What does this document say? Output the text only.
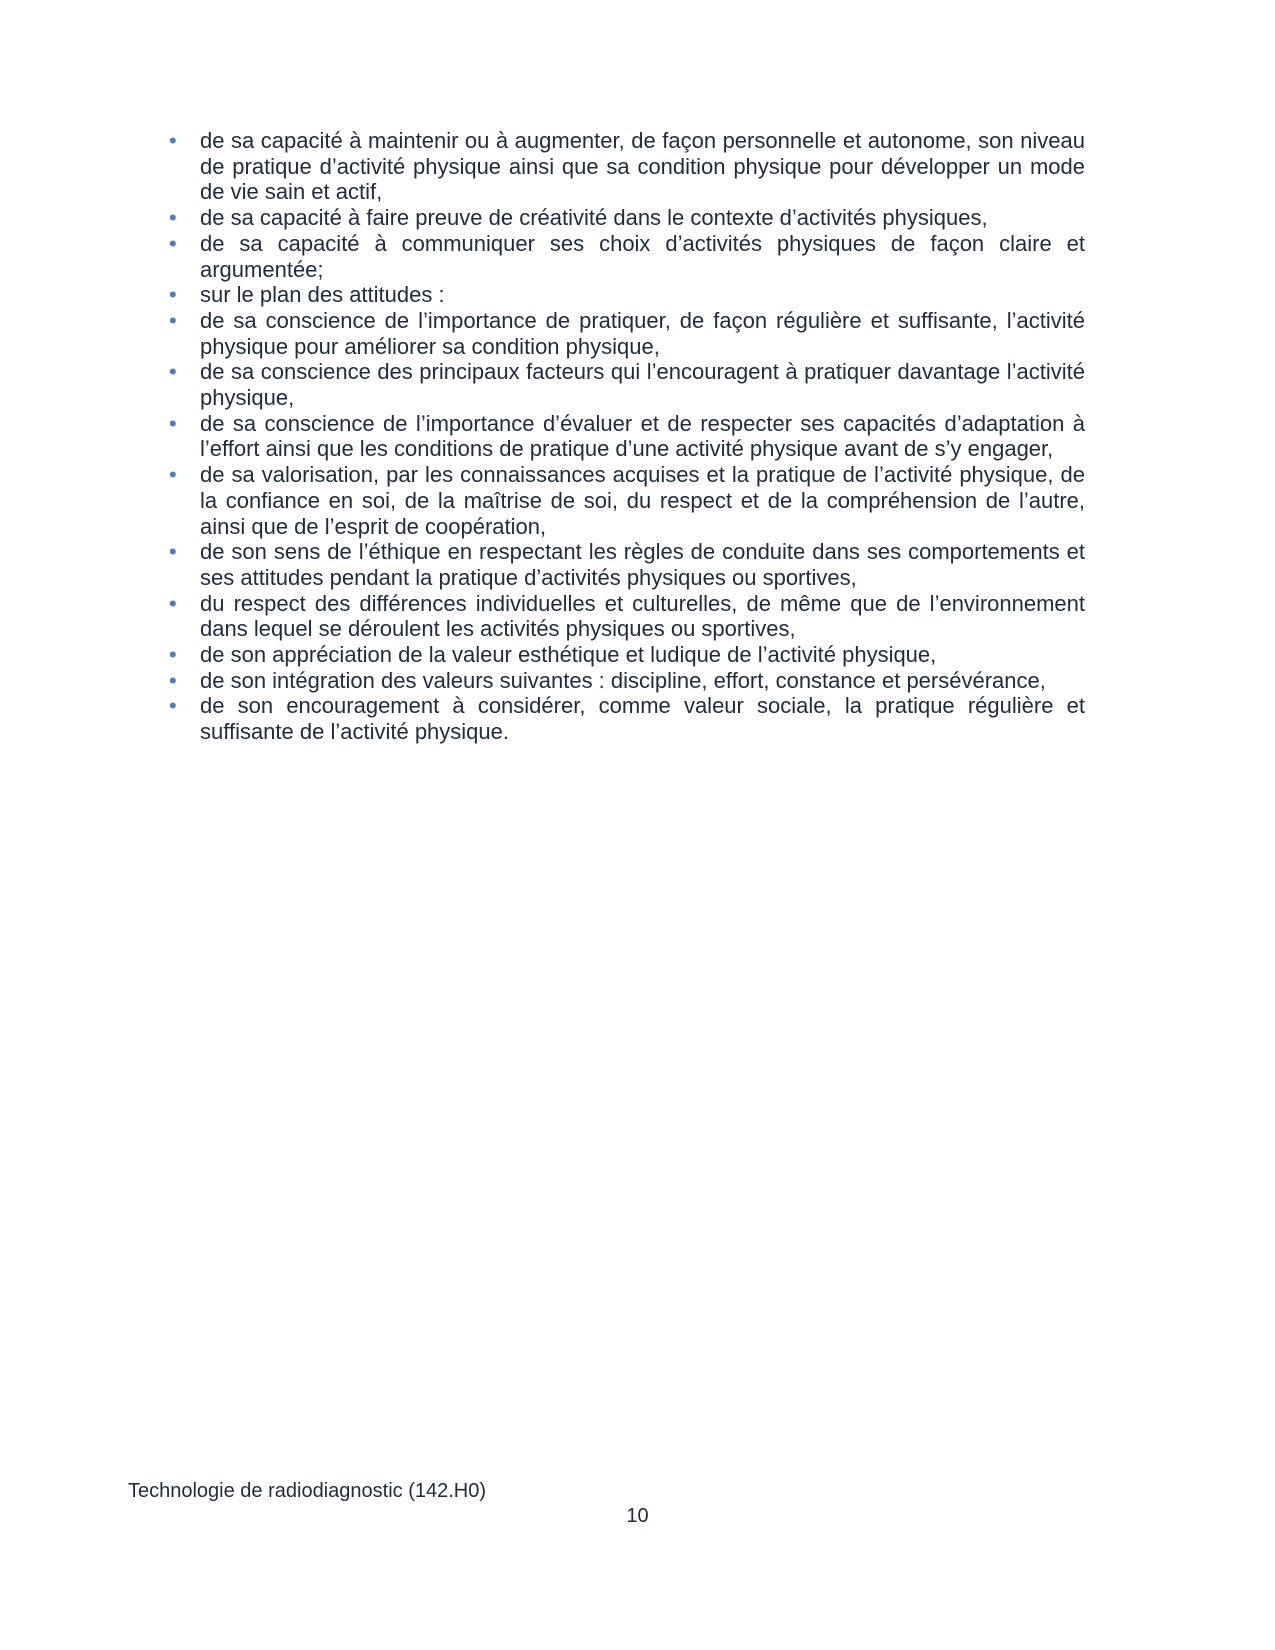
• de sa capacité à maintenir ou à augmenter, de façon personnelle et autonome, son niveau de pratique d’activité physique ainsi que sa condition physique pour développer un mode de vie sain et actif,
• de sa capacité à faire preuve de créativité dans le contexte d’activités physiques,
• de sa capacité à communiquer ses choix d’activités physiques de façon claire et argumentée;
• sur le plan des attitudes :
• de sa conscience de l’importance de pratiquer, de façon régulière et suffisante, l’activité physique pour améliorer sa condition physique,
• de sa conscience des principaux facteurs qui l’encouragent à pratiquer davantage l’activité physique,
• de sa conscience de l’importance d’évaluer et de respecter ses capacités d’adaptation à l’effort ainsi que les conditions de pratique d’une activité physique avant de s’y engager,
• de sa valorisation, par les connaissances acquises et la pratique de l’activité physique, de la confiance en soi, de la maîtrise de soi, du respect et de la compréhension de l’autre, ainsi que de l’esprit de coopération,
• de son sens de l’éthique en respectant les règles de conduite dans ses comportements et ses attitudes pendant la pratique d’activités physiques ou sportives,
• du respect des différences individuelles et culturelles, de même que de l’environnement dans lequel se déroulent les activités physiques ou sportives,
• de son appréciation de la valeur esthétique et ludique de l’activité physique,
• de son intégration des valeurs suivantes : discipline, effort, constance et persévérance,
• de son encouragement à considérer, comme valeur sociale, la pratique régulière et suffisante de l’activité physique.
Technologie de radiodiagnostic (142.H0)
10
